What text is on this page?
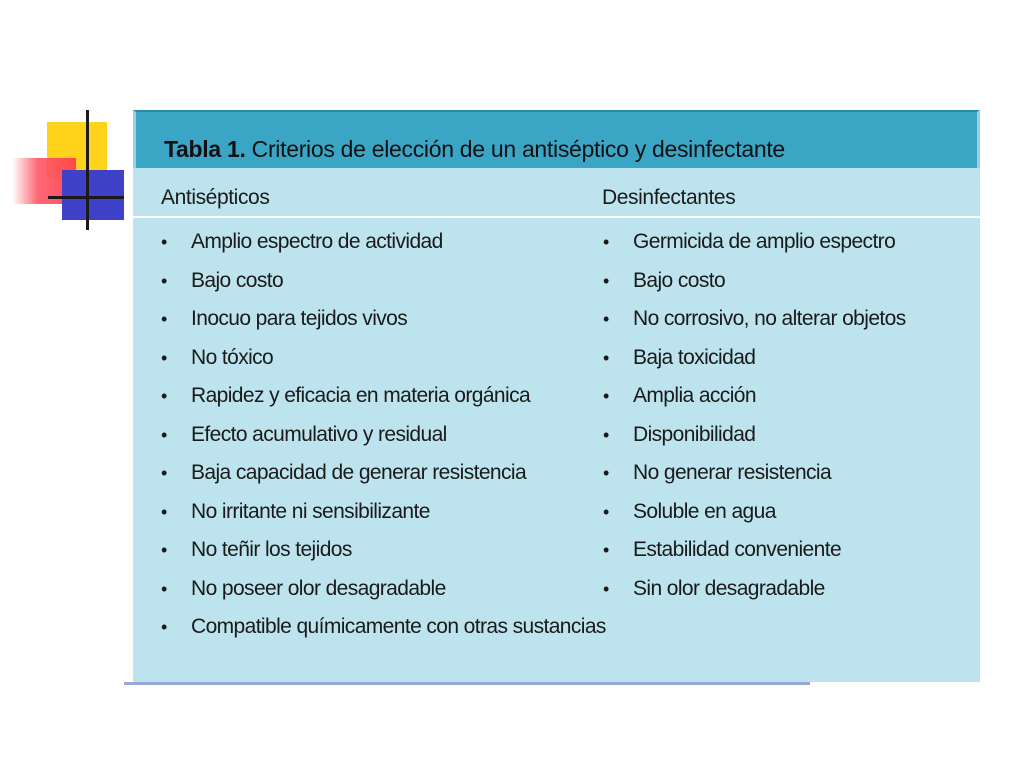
Tabla 1. Criterios de elección de un antiséptico y desinfectante
Antisépticos	Desinfectantes
• Amplio espectro de actividad
• Bajo costo
• Inocuo para tejidos vivos
• No tóxico
• Rapidez y eficacia en materia orgánica
• Efecto acumulativo y residual
• Baja capacidad de generar resistencia
• No irritante ni sensibilizante
• No teñir los tejidos
• No poseer olor desagradable
• Compatible químicamente con otras sustancias
• Germicida de amplio espectro
• Bajo costo
• No corrosivo, no alterar objetos
• Baja toxicidad
• Amplia acción
• Disponibilidad
• No generar resistencia
• Soluble en agua
• Estabilidad conveniente
• Sin olor desagradable
